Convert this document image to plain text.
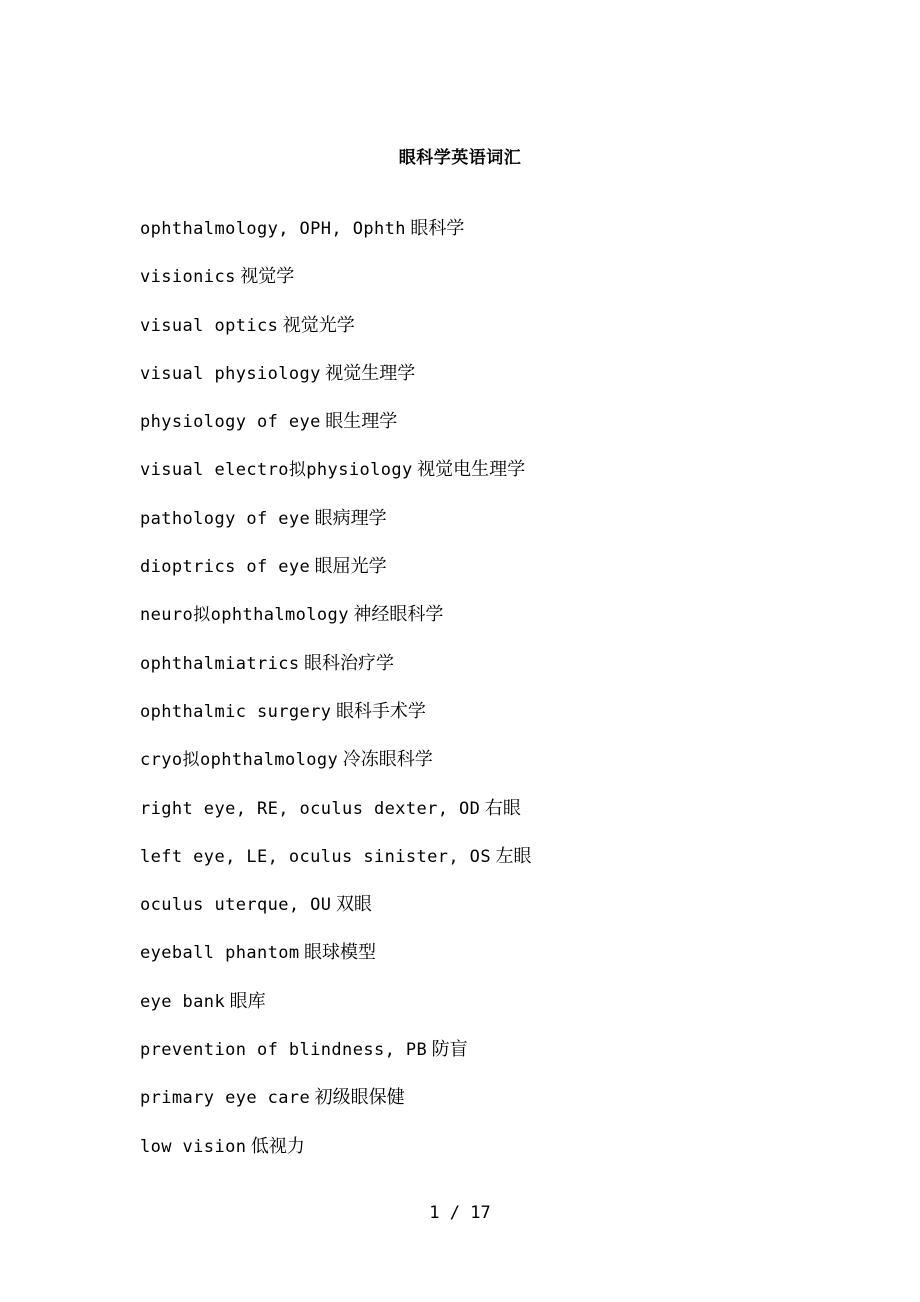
眼科学英语词汇
ophthalmology, OPH, Ophth 眼科学
visionics 视觉学
visual optics 视觉光学
visual physiology 视觉生理学
physiology of eye 眼生理学
visual electro拟physiology 视觉电生理学
pathology of eye 眼病理学
dioptrics of eye 眼屈光学
neuro拟ophthalmology 神经眼科学
ophthalmiatrics 眼科治疗学
ophthalmic surgery 眼科手术学
cryo拟ophthalmology 冷冻眼科学
right eye, RE, oculus dexter, OD 右眼
left eye, LE, oculus sinister, OS 左眼
oculus uterque, OU 双眼
eyeball phantom 眼球模型
eye bank 眼库
prevention of blindness, PB 防盲
primary eye care 初级眼保健
low vision 低视力
1 / 17
